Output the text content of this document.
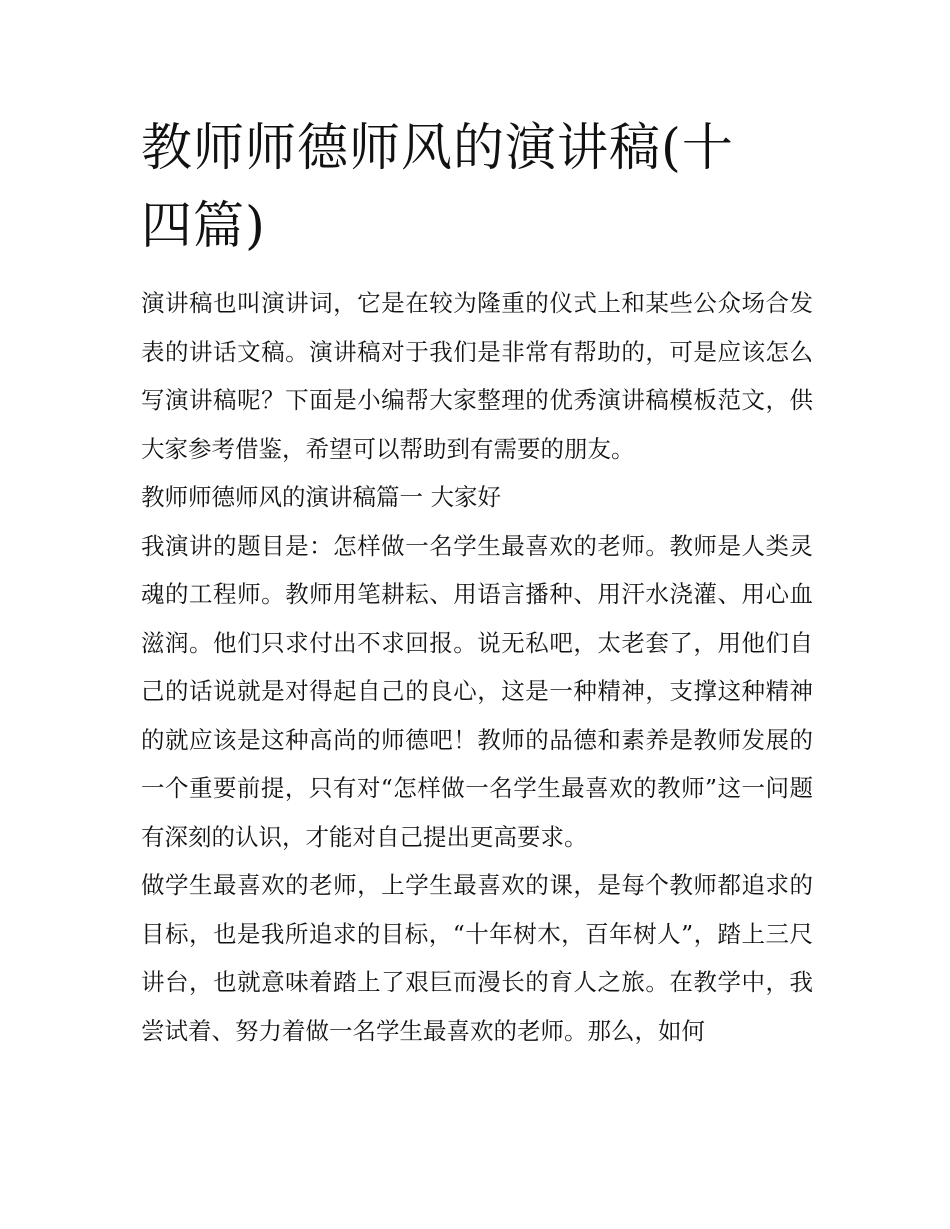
教师师德师风的演讲稿(十四篇)

演讲稿也叫演讲词，它是在较为隆重的仪式上和某些公众场合发表的讲话文稿。演讲稿对于我们是非常有帮助的，可是应该怎么写演讲稿呢？下面是小编帮大家整理的优秀演讲稿模板范文，供大家参考借鉴，希望可以帮助到有需要的朋友。

教师师德师风的演讲稿篇一 大家好

我演讲的题目是：怎样做一名学生最喜欢的老师。教师是人类灵魂的工程师。教师用笔耕耘、用语言播种、用汗水浇灌、用心血滋润。他们只求付出不求回报。说无私吧，太老套了，用他们自己的话说就是对得起自己的良心，这是一种精神，支撑这种精神的就应该是这种高尚的师德吧！教师的品德和素养是教师发展的一个重要前提，只有对“怎样做一名学生最喜欢的教师”这一问题有深刻的认识，才能对自己提出更高要求。

做学生最喜欢的老师，上学生最喜欢的课，是每个教师都追求的目标，也是我所追求的目标，“十年树木，百年树人”，踏上三尺讲台，也就意味着踏上了艰巨而漫长的育人之旅。在教学中，我尝试着、努力着做一名学生最喜欢的老师。那么，如何
